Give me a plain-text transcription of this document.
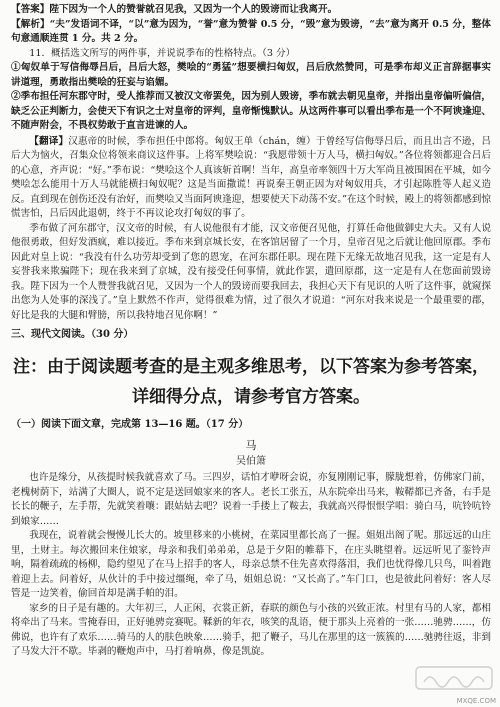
【答案】陛下因为一个人的赞誉就召见我，又因为一个人的毁谤而让我离开。

【解析】“夫”发语词不译，“以”意为因为，“誉”意为赞誉 0.5 分，“毁”意为毁谤，“去”意为离开 0.5 分，整体句意通顺连贯 1 分。共 2 分。

11．概括选文所写的两件事，并说说季布的性格特点。（3 分）

①匈奴单于写信侮辱吕后，吕后大怒，樊哙的“勇猛”想要横扫匈奴，吕后欣然赞同，可是季布却义正言辞据事实讲道理，勇敢指出樊哙的狂妄与谄媚。

②季布担任河东郡守时，受人推荐而又被汉文帝罢免，因为别人毁谤，季布就去朝见皇帝，并指出皇帝偏听偏信，缺乏公正判断力，会使天下有识之士对皇帝的评判，皇帝惭愧默认。从这两件事可以看出季布是一个不阿谀逢迎、不随声附会，不畏权势敢于直言进谏的人。

【翻译】汉惠帝的时候，季布担任中郎将。匈奴王单（chán，缠）于曾经写信侮辱吕后，而且出言不逊，吕后大为恼火，召集众位将领来商议这件事。上将军樊哙说：“我愿带领十万人马，横扫匈奴。”各位将领都迎合吕后的心意，齐声说：“好。”季布说：“樊哙这个人真该斩首啊！当年，高皇帝率领四十万大军尚且被围困在平城，如今樊哙怎么能用十万人马就能横扫匈奴呢？这是当面撒谎！再说秦王朝正因为对匈奴用兵，才引起陈胜等人起义造反。直到现在创伤还没有治好，而樊哙又当面阿谀逢迎，想要使天下动荡不安。”在这个时候，殿上的将领都感到惊慌害怕，吕后因此退朝，终于不再议论攻打匈奴的事了。

季布做了河东郡守，汉文帝的时候，有人说他很有才能，汉文帝便召见他，打算任命他做御史大夫。又有人说他很勇敢，但好发酒疯，难以接近。季布来到京城长安，在客馆居留了一个月，皇帝召见之后就让他回原郡。季布因此对皇上说：“我没有什么功劳却受到了您的恩宠，在河东郡任职。现在陛下无缘无故地召见我，这一定是有人妄誉我来欺骗陛下；现在我来到了京城，没有接受任何事情，就此作罢，遣回原郡，这一定是有人在您面前毁谤我。陛下因为一个人赞誉我就召见，又因为一个人的毁谤而要我回去，我担心天下有见识的人听了这件事，就窥探出您为人处事的深浅了。”皇上默然不作声，觉得很难为情，过了很久才说道：“河东对我来说是一个最重要的郡，好比是我的大腿和臂膀，所以我特地召见你啊！”

三、现代文阅读。（30 分）

注：由于阅读题考查的是主观多维思考，以下答案为参考答案，

详细得分点，请参考官方答案。

（一）阅读下面文章，完成第 13—16 题。（17 分）

马

吴伯箫

也许是缘分，从孩提时候我就喜欢了马。三四岁，话怕才咿呀会说，亦复刚刚记事，朦胧想着，仿佛家门前，老槐树荫下，站满了大圈人，说不定是送回娘家来的客人。老长工张五，从东院牵出马来，鞍鞯都已齐备，右手是长长的鞭子，左手帮，先就笑着嚷：跟姑姑去吧？说着一手搂上了鞍去，我就高兴得恨恨学唱：骑白马，吭铃吭铃到娘家……

我现在，说着就会慢慢儿长大的。坡里移来的小桃树，在菜园里都长高了一握。姐姐出阁了呢。那远远的山庄里，土财主。每次搬回来住娘家，母亲和我们弟弟弟，总是于夕阳的帷幕下，在庄头眺望着。远远听见了銮铃声响，隔着疏疏的杨柳，隐约望见了在马上招手的客人，母亲总禁不住先喜欢得落泪，我们也忧得像几只鸟，叫着跑着迎上去。问着好，从伙计的手中接过缰绳，牵了马，姐姐总说：“又长高了。”车门口，也是彼此问着好：客人尽管是一边笑着，偷回首却是满手帕的泪。

家乡的日子是有趣的。大年初三，人正闲，衣裳正新，春联的颜色与小孩的兴致正浓。村里有马的人家，都相将牵出了马来。雪掩春田，正好驰骋竞赛呢。鞣新的年衣，咳笑的乱语，便于那头上亮着的一张……驰骋……，仿佛说，也许有了欢乐……骑马的人的肤色映象……骑手，把了鞭子，马儿在那里的这一簇簇的……驰骋往返，非到了马发大汗不歇。毕剥的鞭炮声中，马打着响鼻，像是凯旋。

MXQE.COM
